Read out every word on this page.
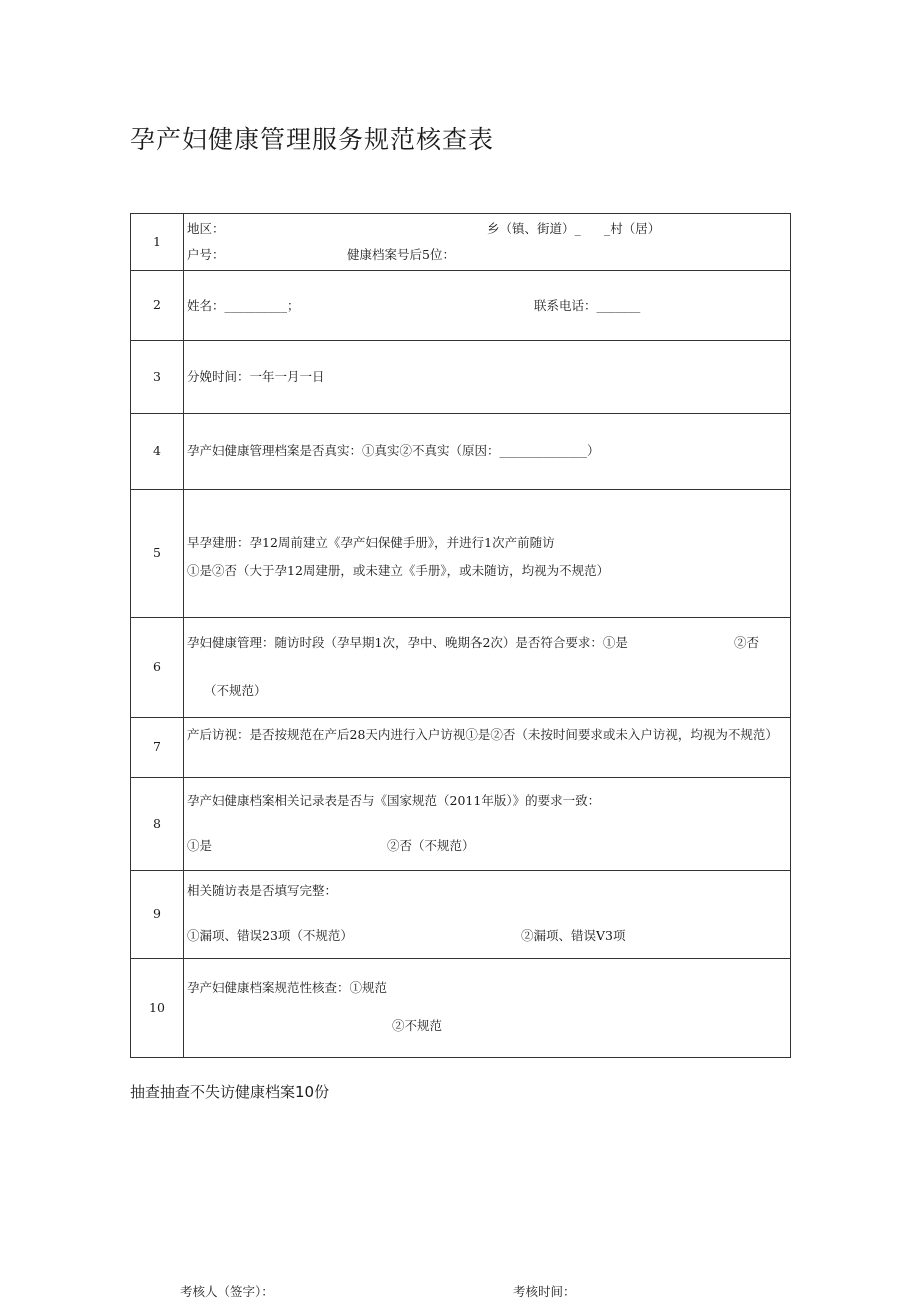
孕产妇健康管理服务规范核查表
1	地区： 乡（镇、街道）_ _村（居）
户号： 健康档案号后5位：

2	姓名：__________； 联系电话：_______

3	分娩时间：一年一月一日

4	孕产妇健康管理档案是否真实：①真实②不真实（原因：______________）

5	早孕建册：孕12周前建立《孕产妇保健手册》，并进行1次产前随访
①是②否（大于孕12周建册，或未建立《手册》，或未随访，均视为不规范）

6	孕妇健康管理：随访时段（孕早期1次，孕中、晚期各2次）是否符合要求：①是 ②否
（不规范）

7	产后访视：是否按规范在产后28天内进行入户访视①是②否（未按时间要求或未入户访视，均视为不规范）

8	孕产妇健康档案相关记录表是否与《国家规范（2011年版）》的要求一致：
①是 ②否（不规范）

9	相关随访表是否填写完整：
①漏项、错误23项（不规范） ②漏项、错误V3项

10	孕产妇健康档案规范性核查：①规范
②不规范
抽查抽查不失访健康档案10份
考核人（签字）：	考核时间：
